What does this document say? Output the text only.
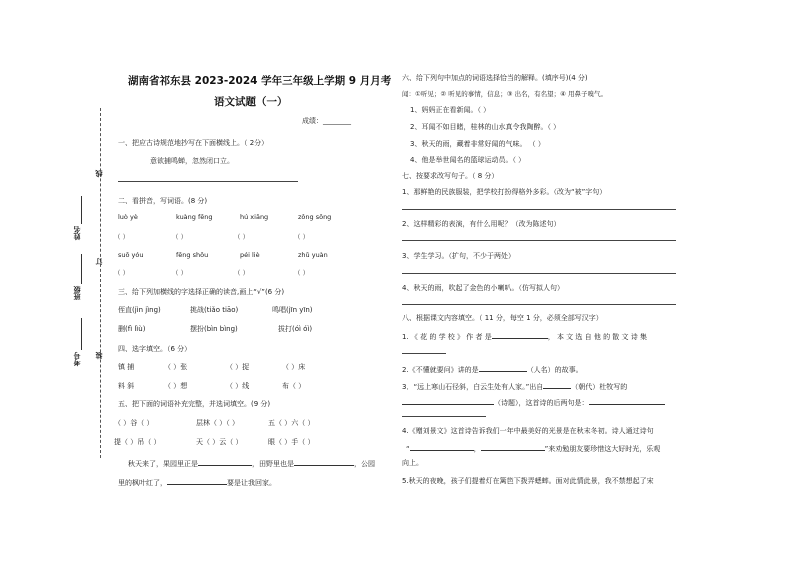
线
订
装
姓名
班级
考号
湖南省祁东县 2023-2024 学年三年级上学期 9 月月考
语文试题（一）
成绩：________
一、把应古诗规范地抄写在下面横线上。（ 2分）
意欲捕鸣蝉，忽然闭口立。
二、看拼音，写词语。(8 分)
luò yè	kuàng fēng	hú xiāng	zǒng sōng
（ ）	（ ）	（ ）	（ ）
suō yóu	fēng shōu	péi liè	zhǔ yuàn
（ ）	（ ）	（ ）	（ ）
三、给下列加横线的字选择正确的读音,画上“√”(6 分)
侄直(jìn jìng)	挑战(tiǎo tiāo)	鸣唱(jīn yīn)
删(fì lìù)	摆扮(bìn bìng)	拔打(óì óì)
四、选字填空。（6 分）
镇 捕	（ ）张	（ ）捉	（ ）床
料 斜	（ ）想	（ ）线	布（ ）
五、把下面的词语补充完整，并选词填空。(9 分)
（ ）谷（ ）	层林（ ）（ ）	五（ ）六（ ）
提（ ）吊（ ）	天（ ）云（ ）	眼（ ）手（ ）
秋天来了，果园里正是	，田野里也是	，公园
里的枫叶红了，	要是让我回家。
六、给下列句中加点的词语选择恰当的解释。(填序号)(4 分)
闻：①听见；② 听见的事情，信息；③ 出名，有名望；④ 用鼻子嗅气。
1、妈妈正在看新闻。（ ）
2、耳闻不如目睹，桂林的山水真令我陶醉。（ ）
3、秋天的雨，藏着非常好闻的气味。 （ ）
4、他是举世闻名的篮球运动员。（ ）
七、按要求改写句子。（ 8 分）
1、那鲜艳的民族服装，把学校打扮得格外多彩。（改为“被”字句）
2、这样精彩的表演，有什么用呢？（改为陈述句）
3、学生学习。（扩句，不少于两处）
4、秋天的雨，吹起了金色的小喇叭。（仿写拟人句）
八、根据课文内容填空。（ 11 分，每空 1 分，必须全部写汉字）
1. 《 花 的 学 校 》 作 者 是	， 本 文 选 自 他 的 散 文 诗 集
2.《不懂就要问》讲的是	（人名）的故事。
3．“远上寒山石径斜，白云生处有人家。”出自	（朝代）杜牧写的
（诗题），这首诗的后两句是：
4.《赠刘景文》这首诗告诉我们一年中最美好的光景是在秋末冬初。诗人通过诗句
“	，	”来劝勉朋友要珍惜这大好时光，乐观
向上。
5.秋天的夜晚，孩子们提着灯在篱笆下拨弄蟋蟀。面对此情此景，我不禁想起了宋
